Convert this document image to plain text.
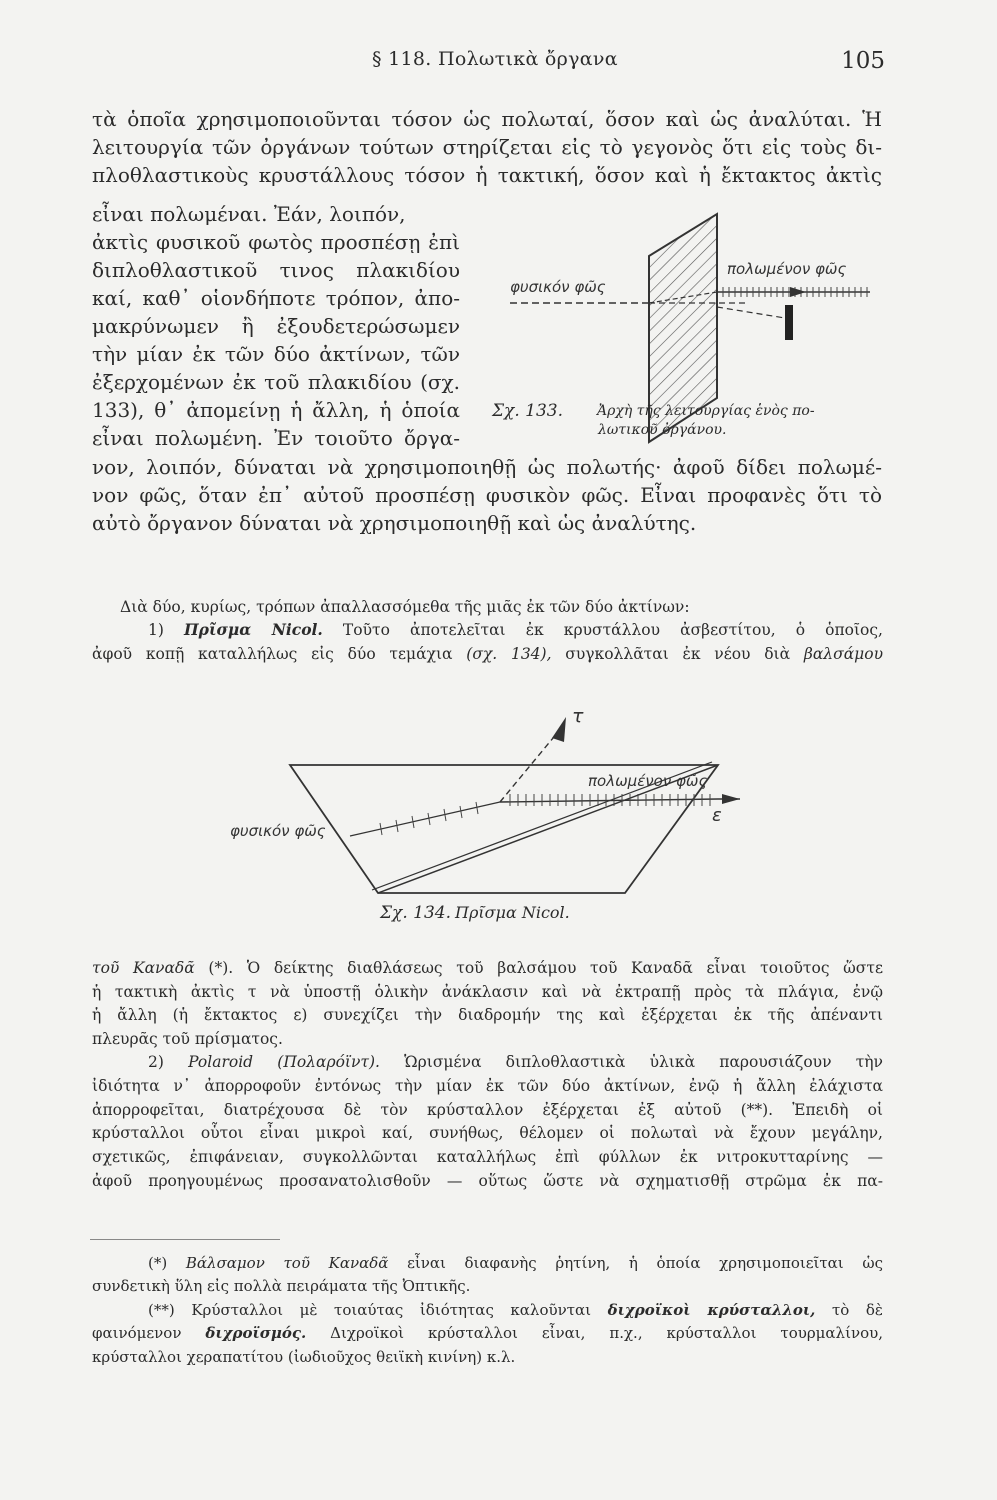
§ 118. Πολωτικὰ ὄργανα	105
τὰ ὁποῖα χρησιμοποιοῦνται τόσον ὡς πολωταί, ὅσον καὶ ὡς ἀναλύται. Ἡ
λειτουργία τῶν ὀργάνων τούτων στηρίζεται εἰς τὸ γεγονὸς ὅτι εἰς τοὺς δι-
πλοθλαστικοὺς κρυστάλλους τόσον ἡ τακτική, ὅσον καὶ ἡ ἔκτακτος ἀκτὶς
εἶναι πολωμέναι. Ἐάν, λοιπόν,
ἀκτὶς φυσικοῦ φωτὸς προσπέσῃ ἐπὶ
διπλοθλαστικοῦ τινος πλακιδίου
καί, καθ᾽ οἱονδήποτε τρόπον, ἀπο-
μακρύνωμεν ἢ ἐξουδετερώσωμεν
τὴν μίαν ἐκ τῶν δύο ἀκτίνων, τῶν
ἐξερχομένων ἐκ τοῦ πλακιδίου (σχ.
133), θ᾽ ἀπομείνῃ ἡ ἄλλη, ἡ ὁποία
εἶναι πολωμένη. Ἐν τοιοῦτο ὄργα-
νον, λοιπόν, δύναται νὰ χρησιμοποιηθῇ ὡς πολωτής· ἀφοῦ δίδει πολωμέ-
νον φῶς, ὅταν ἐπ᾽ αὐτοῦ προσπέσῃ φυσικὸν φῶς. Εἶναι προφανὲς ὅτι τὸ
αὐτὸ ὄργανον δύναται νὰ χρησιμοποιηθῇ καὶ ὡς ἀναλύτης.
φυσικόν φῶς
πολωμένον φῶς
Σχ. 133. Ἀρχὴ τῆς λειτουργίας ἑνὸς πο-
λωτικοῦ ὀργάνου.
Διὰ δύο, κυρίως, τρόπων ἀπαλλασσόμεθα τῆς μιᾶς ἐκ τῶν δύο ἀκτίνων:
1) Πρῖσμα Nicol. Τοῦτο ἀποτελεῖται ἐκ κρυστάλλου ἀσβεστίτου, ὁ ὁποῖος,
ἀφοῦ κοπῇ καταλλήλως εἰς δύο τεμάχια (σχ. 134), συγκολλᾶται ἐκ νέου διὰ βαλσάμου
τ
πολωμένον φῶς
ε
φυσικόν φῶς
Σχ. 134. Πρῖσμα Nicol.
τοῦ Καναδᾶ (*). Ὁ δείκτης διαθλάσεως τοῦ βαλσάμου τοῦ Καναδᾶ εἶναι τοιοῦτος ὥστε
ἡ τακτικὴ ἀκτὶς τ νὰ ὑποστῇ ὁλικὴν ἀνάκλασιν καὶ νὰ ἐκτραπῇ πρὸς τὰ πλάγια, ἐνῷ
ἡ ἄλλη (ἡ ἔκτακτος ε) συνεχίζει τὴν διαδρομήν της καὶ ἐξέρχεται ἐκ τῆς ἀπέναντι
πλευρᾶς τοῦ πρίσματος.
2) Polaroid (Πολαρόϊντ). Ὡρισμένα διπλοθλαστικὰ ὑλικὰ παρουσιάζουν τὴν
ἰδιότητα ν᾽ ἀπορροφοῦν ἐντόνως τὴν μίαν ἐκ τῶν δύο ἀκτίνων, ἐνῷ ἡ ἄλλη ἐλάχιστα
ἀπορροφεῖται, διατρέχουσα δὲ τὸν κρύσταλλον ἐξέρχεται ἐξ αὐτοῦ (**). Ἐπειδὴ οἱ
κρύσταλλοι οὗτοι εἶναι μικροὶ καί, συνήθως, θέλομεν οἱ πολωταὶ νὰ ἔχουν μεγάλην,
σχετικῶς, ἐπιφάνειαν, συγκολλῶνται καταλλήλως ἐπὶ φύλλων ἐκ νιτροκυτταρίνης —
ἀφοῦ προηγουμένως προσανατολισθοῦν — οὕτως ὥστε νὰ σχηματισθῇ στρῶμα ἐκ πα-
(*) Βάλσαμον τοῦ Καναδᾶ εἶναι διαφανὴς ῥητίνη, ἡ ὁποία χρησιμοποιεῖται ὡς
συνδετικὴ ὕλη εἰς πολλὰ πειράματα τῆς Ὀπτικῆς.
(**) Κρύσταλλοι μὲ τοιαύτας ἰδιότητας καλοῦνται διχροϊκοὶ κρύσταλλοι, τὸ δὲ
φαινόμενον διχροϊσμός. Διχροϊκοὶ κρύσταλλοι εἶναι, π.χ., κρύσταλλοι τουρμαλίνου,
κρύσταλλοι χεραπατίτου (ἰωδιοῦχος θειϊκὴ κινίνη) κ.λ.
